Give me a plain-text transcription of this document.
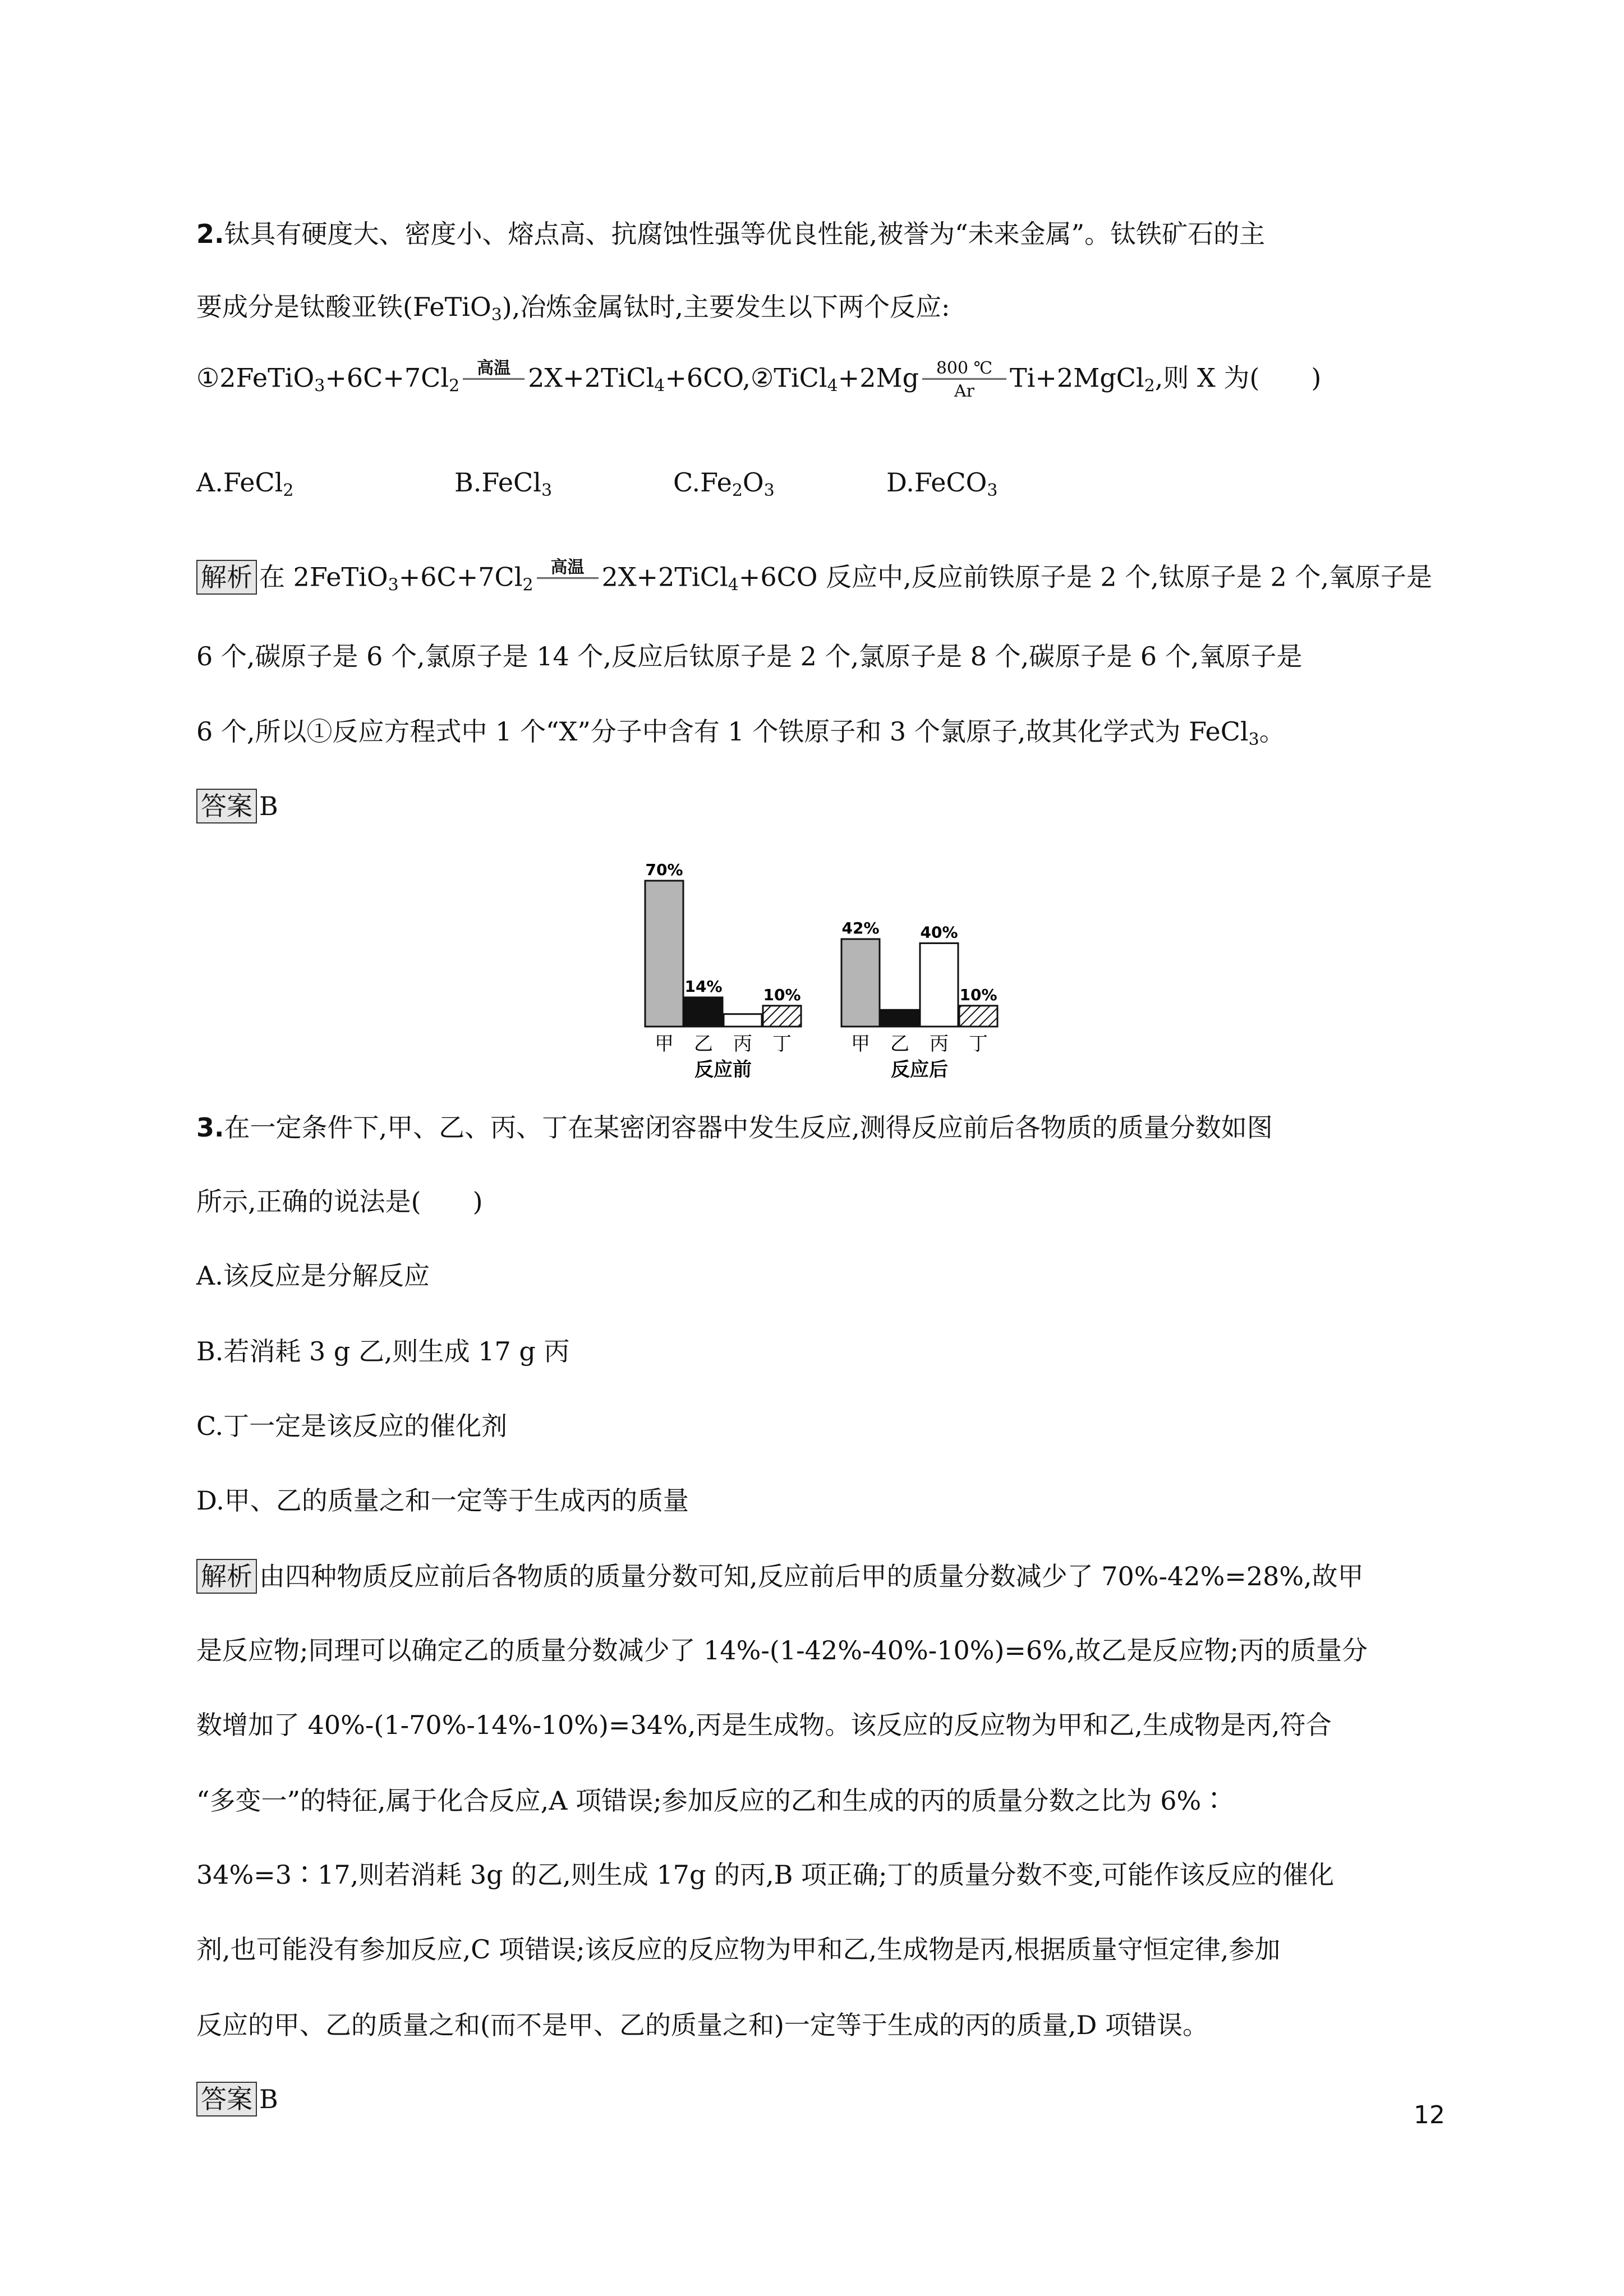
2.钛具有硬度大、密度小、熔点高、抗腐蚀性强等优良性能,被誉为“未来金属”。钛铁矿石的主
要成分是钛酸亚铁(FeTiO$_3$),冶炼金属钛时,主要发生以下两个反应:
$①2FeTiO_3+6C+7Cl_2$
高温
2X+2TiCl$_4$+6CO,②TiCl$_4$+2Mg	800 ℃
Ar	Ti+2MgCl$_2$,则 X 为(　　)
A.FeCl$_2$	B.FeCl$_3$	$C.Fe_2O_3$	D.FeCO$_3$
解析 在 $2FeTiO_3+6C+7Cl_2$
高温
2X+2TiCl$_4$+6CO 反应中,反应前铁原子是 2 个,钛原子是 2 个,氧原子是
6 个,碳原子是 6 个,氯原子是 14 个,反应后钛原子是 2 个,氯原子是 8 个,碳原子是 6 个,氧原子是
6 个,所以①反应方程式中 1 个“X”分子中含有 1 个铁原子和 3 个氯原子,故其化学式为 FeCl$_3$。
答案 B
70%
甲
14%
乙 丙
10%
丁
反应前
42%
甲 乙
40%
丙
10%
丁
反应后
3.在一定条件下,甲、乙、丙、丁在某密闭容器中发生反应,测得反应前后各物质的质量分数如图
所示,正确的说法是(　　)
A.该反应是分解反应
B.若消耗 3 g 乙,则生成 17 g 丙
C.丁一定是该反应的催化剂
D.甲、乙的质量之和一定等于生成丙的质量
解析 由四种物质反应前后各物质的质量分数可知,反应前后甲的质量分数减少了 70%-42%=28%,故甲
是反应物;同理可以确定乙的质量分数减少了 14%-(1-42%-40%-10%)=6%,故乙是反应物;丙的质量分
数增加了 40%-(1-70%-14%-10%)=34%,丙是生成物。该反应的反应物为甲和乙,生成物是丙,符合
“多变一”的特征,属于化合反应,A 项错误;参加反应的乙和生成的丙的质量分数之比为 6%∶
34%=3∶17,则若消耗 3g 的乙,则生成 17g 的丙,B 项正确;丁的质量分数不变,可能作该反应的催化
剂,也可能没有参加反应,C 项错误;该反应的反应物为甲和乙,生成物是丙,根据质量守恒定律,参加
反应的甲、乙的质量之和(而不是甲、乙的质量之和)一定等于生成的丙的质量,D 项错误。
答案 B
12
